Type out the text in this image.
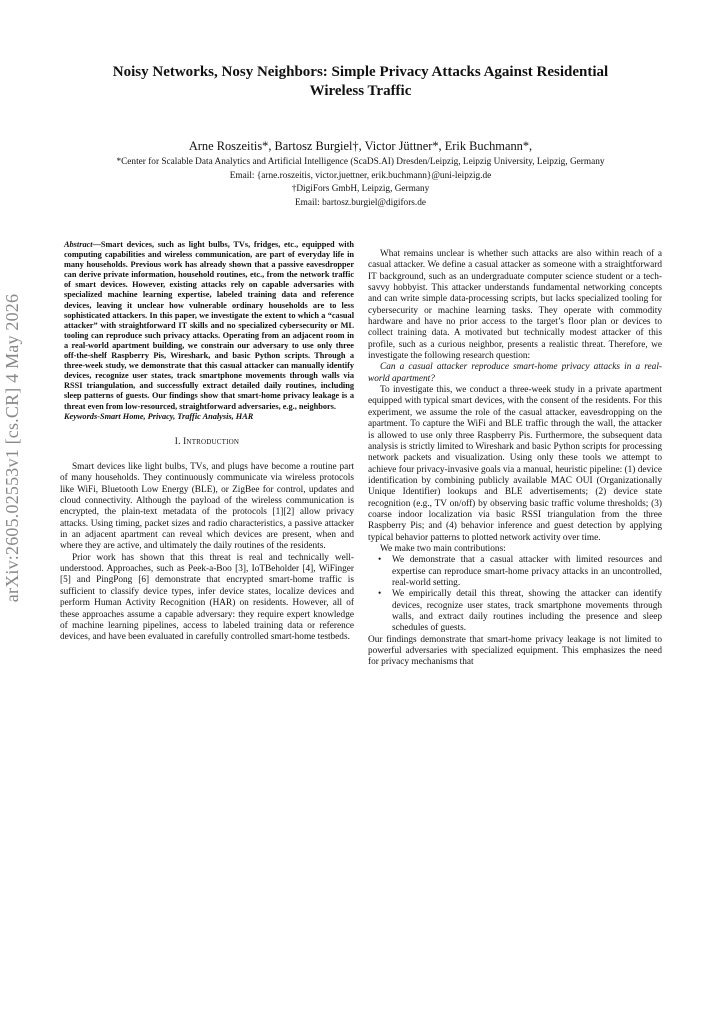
Noisy Networks, Nosy Neighbors: Simple Privacy Attacks Against Residential
Wireless Traffic
Arne Roszeitis*, Bartosz Burgiel†, Victor Jüttner*, Erik Buchmann*,
*Center for Scalable Data Analytics and Artificial Intelligence (ScaDS.AI) Dresden/Leipzig, Leipzig University, Leipzig, Germany
Email: {arne.roszeitis, victor.juettner, erik.buchmann}@uni-leipzig.de
†DigiFors GmbH, Leipzig, Germany
Email: bartosz.burgiel@digifors.de
arXiv:2605.02553v1 [cs.CR] 4 May 2026
Abstract—Smart devices, such as light bulbs, TVs, fridges, etc., equipped with computing capabilities and wireless communication, are part of everyday life in many households. Previous work has already shown that a passive eavesdropper can derive private information, household routines, etc., from the network traffic of smart devices. However, existing attacks rely on capable adversaries with specialized machine learning expertise, labeled training data and reference devices, leaving it unclear how vulnerable ordinary households are to less sophisticated attackers. In this paper, we investigate the extent to which a “casual attacker” with straightforward IT skills and no specialized cybersecurity or ML tooling can reproduce such privacy attacks. Operating from an adjacent room in a real-world apartment building, we constrain our adversary to use only three off-the-shelf Raspberry Pis, Wireshark, and basic Python scripts. Through a three-week study, we demonstrate that this casual attacker can manually identify devices, recognize user states, track smartphone movements through walls via RSSI triangulation, and successfully extract detailed daily routines, including sleep patterns of guests. Our findings show that smart-home privacy leakage is a threat even from low-resourced, straightforward adversaries, e.g., neighbors.
Keywords-Smart Home, Privacy, Traffic Analysis, HAR
I. Introduction

Smart devices like light bulbs, TVs, and plugs have become a routine part of many households. They continuously communicate via wireless protocols like WiFi, Bluetooth Low Energy (BLE), or ZigBee for control, updates and cloud connectivity. Although the payload of the wireless communication is encrypted, the plain-text metadata of the protocols [1][2] allow privacy attacks. Using timing, packet sizes and radio characteristics, a passive attacker in an adjacent apartment can reveal which devices are present, when and where they are active, and ultimately the daily routines of the residents.

Prior work has shown that this threat is real and technically well-understood. Approaches, such as Peek-a-Boo [3], IoTBeholder [4], WiFinger [5] and PingPong [6] demonstrate that encrypted smart-home traffic is sufficient to classify device types, infer device states, localize devices and perform Human Activity Recognition (HAR) on residents. However, all of these approaches assume a capable adversary: they require expert knowledge of machine learning pipelines, access to labeled training data or reference devices, and have been evaluated in carefully controlled smart-home testbeds.

What remains unclear is whether such attacks are also within reach of a casual attacker. We define a casual attacker as someone with a straightforward IT background, such as an undergraduate computer science student or a tech-savvy hobbyist. This attacker understands fundamental networking concepts and can write simple data-processing scripts, but lacks specialized tooling for cybersecurity or machine learning tasks. They operate with commodity hardware and have no prior access to the target’s floor plan or devices to collect training data. A motivated but technically modest attacker of this profile, such as a curious neighbor, presents a realistic threat. Therefore, we investigate the following research question:

Can a casual attacker reproduce smart-home privacy attacks in a real-world apartment?

To investigate this, we conduct a three-week study in a private apartment equipped with typical smart devices, with the consent of the residents. For this experiment, we assume the role of the casual attacker, eavesdropping on the apartment. To capture the WiFi and BLE traffic through the wall, the attacker is allowed to use only three Raspberry Pis. Furthermore, the subsequent data analysis is strictly limited to Wireshark and basic Python scripts for processing network packets and visualization. Using only these tools we attempt to achieve four privacy-invasive goals via a manual, heuristic pipeline: (1) device identification by combining publicly available MAC OUI (Organizationally Unique Identifier) lookups and BLE advertisements; (2) device state recognition (e.g., TV on/off) by observing basic traffic volume thresholds; (3) coarse indoor localization via basic RSSI triangulation from the three Raspberry Pis; and (4) behavior inference and guest detection by applying typical behavior patterns to plotted network activity over time.

We make two main contributions:

• We demonstrate that a casual attacker with limited resources and expertise can reproduce smart-home privacy attacks in an uncontrolled, real-world setting.
• We empirically detail this threat, showing the attacker can identify devices, recognize user states, track smartphone movements through walls, and extract daily routines including the presence and sleep schedules of guests.

Our findings demonstrate that smart-home privacy leakage is not limited to powerful adversaries with specialized equipment. This emphasizes the need for privacy mechanisms that
